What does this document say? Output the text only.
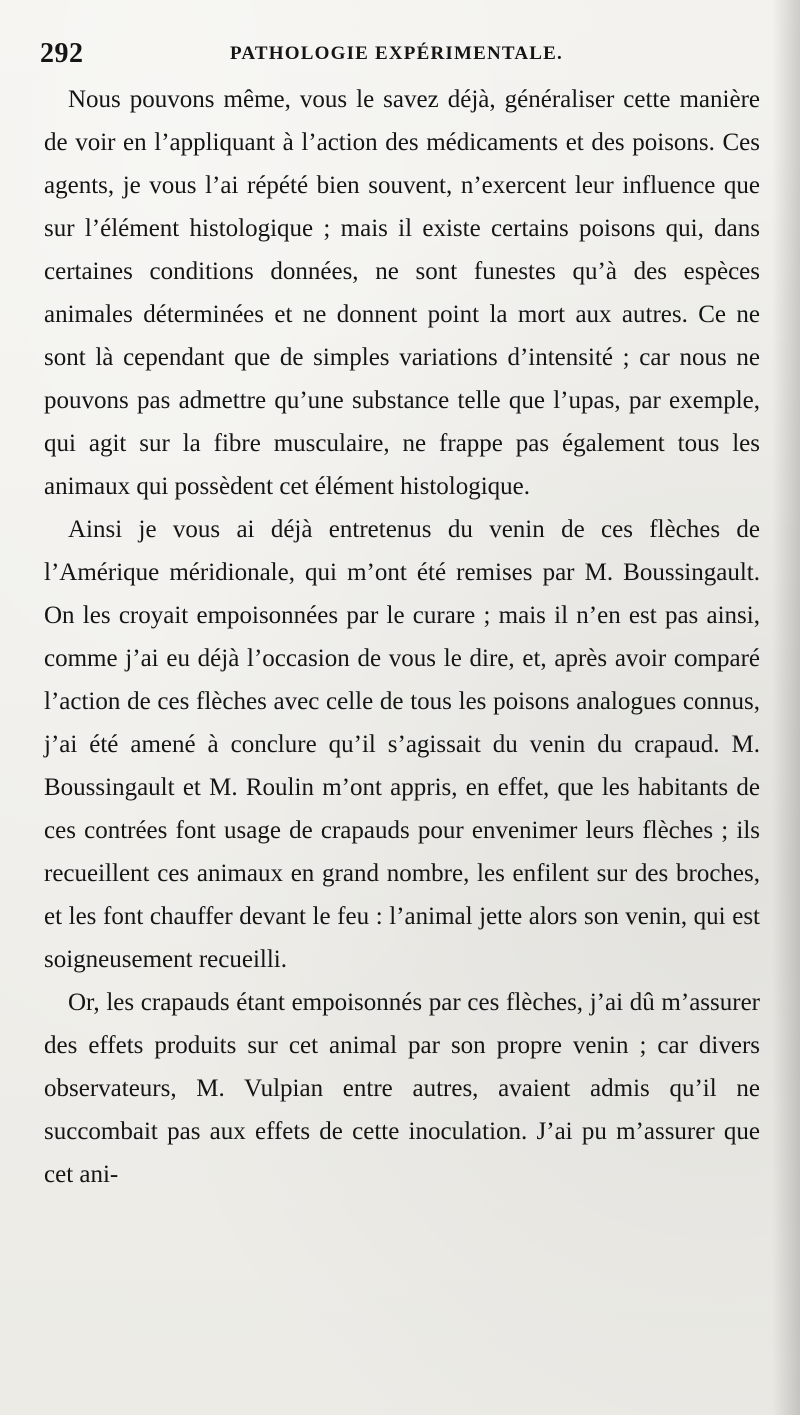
292	PATHOLOGIE EXPÉRIMENTALE.

Nous pouvons même, vous le savez déjà, généraliser cette manière de voir en l’appliquant à l’action des médicaments et des poisons. Ces agents, je vous l’ai répété bien souvent, n’exercent leur influence que sur l’élément histologique ; mais il existe certains poisons qui, dans certaines conditions données, ne sont funestes qu’à des espèces animales déterminées et ne donnent point la mort aux autres. Ce ne sont là cependant que de simples variations d’intensité ; car nous ne pouvons pas admettre qu’une substance telle que l’upas, par exemple, qui agit sur la fibre musculaire, ne frappe pas également tous les animaux qui possèdent cet élément histologique.

Ainsi je vous ai déjà entretenus du venin de ces flèches de l’Amérique méridionale, qui m’ont été remises par M. Boussingault. On les croyait empoisonnées par le curare ; mais il n’en est pas ainsi, comme j’ai eu déjà l’occasion de vous le dire, et, après avoir comparé l’action de ces flèches avec celle de tous les poisons analogues connus, j’ai été amené à conclure qu’il s’agissait du venin du crapaud. M. Boussingault et M. Roulin m’ont appris, en effet, que les habitants de ces contrées font usage de crapauds pour envenimer leurs flèches ; ils recueillent ces animaux en grand nombre, les enfilent sur des broches, et les font chauffer devant le feu : l’animal jette alors son venin, qui est soigneusement recueilli.

Or, les crapauds étant empoisonnés par ces flèches, j’ai dû m’assurer des effets produits sur cet animal par son propre venin ; car divers observateurs, M. Vulpian entre autres, avaient admis qu’il ne succombait pas aux effets de cette inoculation. J’ai pu m’assurer que cet ani-
